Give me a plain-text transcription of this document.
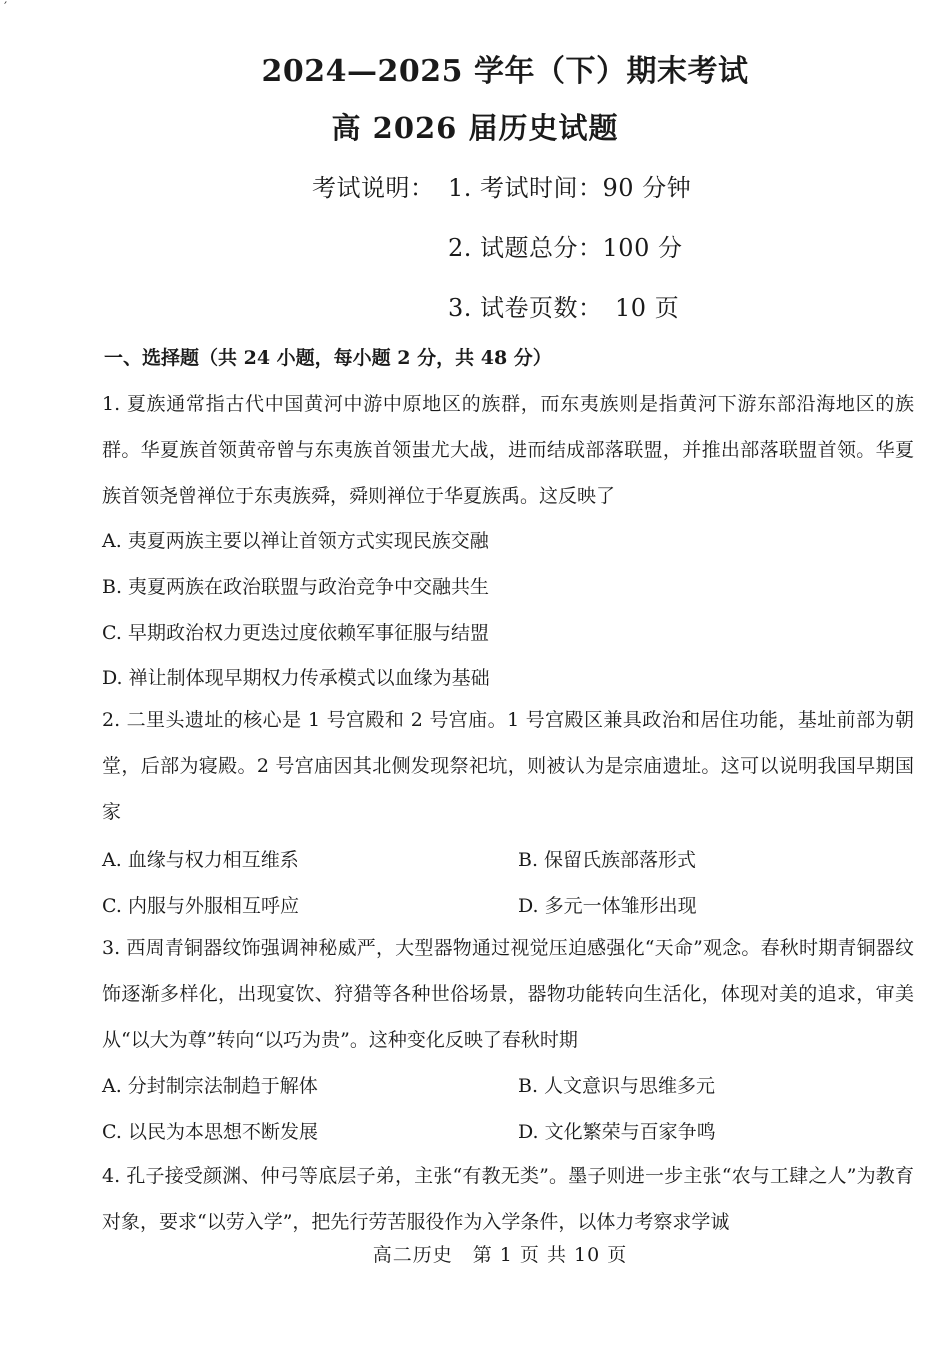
′
2024—2025 学年（下）期末考试
高 2026 届历史试题
考试说明： 1. 考试时间：90 分钟
2. 试题总分：100 分
3. 试卷页数：　10 页
一、选择题（共 24 小题，每小题 2 分，共 48 分）
1. 夏族通常指古代中国黄河中游中原地区的族群，而东夷族则是指黄河下游东部沿海地区的族群。华夏族首领黄帝曾与东夷族首领蚩尤大战，进而结成部落联盟，并推出部落联盟首领。华夏族首领尧曾禅位于东夷族舜，舜则禅位于华夏族禹。这反映了
A. 夷夏两族主要以禅让首领方式实现民族交融
B. 夷夏两族在政治联盟与政治竞争中交融共生
C. 早期政治权力更迭过度依赖军事征服与结盟
D. 禅让制体现早期权力传承模式以血缘为基础
2. 二里头遗址的核心是 1 号宫殿和 2 号宫庙。1 号宫殿区兼具政治和居住功能，基址前部为朝堂，后部为寝殿。2 号宫庙因其北侧发现祭祀坑，则被认为是宗庙遗址。这可以说明我国早期国家
A. 血缘与权力相互维系	B. 保留氏族部落形式
C. 内服与外服相互呼应	D. 多元一体雏形出现
3. 西周青铜器纹饰强调神秘威严，大型器物通过视觉压迫感强化“天命”观念。春秋时期青铜器纹饰逐渐多样化，出现宴饮、狩猎等各种世俗场景，器物功能转向生活化，体现对美的追求，审美从“以大为尊”转向“以巧为贵”。这种变化反映了春秋时期
A. 分封制宗法制趋于解体	B. 人文意识与思维多元
C. 以民为本思想不断发展	D. 文化繁荣与百家争鸣
4. 孔子接受颜渊、仲弓等底层子弟，主张“有教无类”。墨子则进一步主张“农与工肆之人”为教育对象，要求“以劳入学”，把先行劳苦服役作为入学条件，以体力考察求学诚
高二历史　第 1 页 共 10 页
